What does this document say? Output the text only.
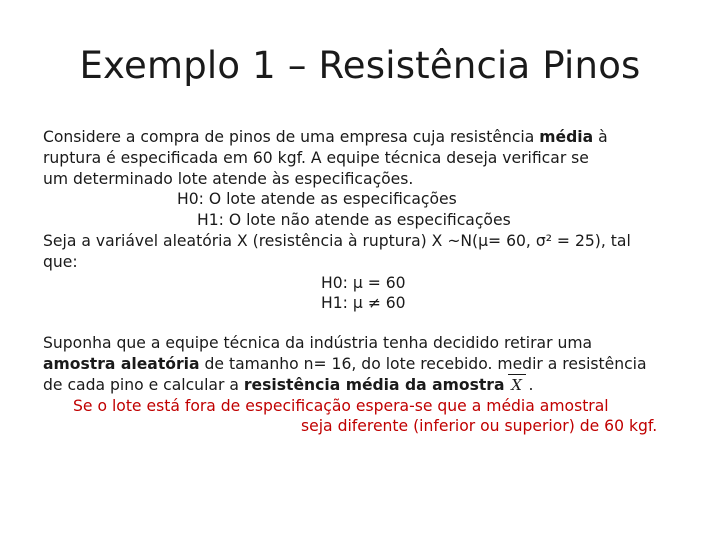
Exemplo 1 – Resistência Pinos
Considere a compra de pinos de uma empresa cuja resistência média à
ruptura é especificada em 60 kgf. A equipe técnica deseja verificar se
um determinado lote atende às especificações.
H0: O lote atende as especificações
H1: O lote não atende as especificações
Seja a variável aleatória X (resistência à ruptura) X ~N(µ= 60, σ² = 25), tal
que:
H0: µ = 60
H1: µ ≠ 60
Suponha que a equipe técnica da indústria tenha decidido retirar uma
amostra aleatória de tamanho n= 16, do lote recebido. medir a resistência
de cada pino e calcular a resistência média da amostra X .
Se o lote está fora de especificação espera-se que a média amostral
seja diferente (inferior ou superior) de 60 kgf.
